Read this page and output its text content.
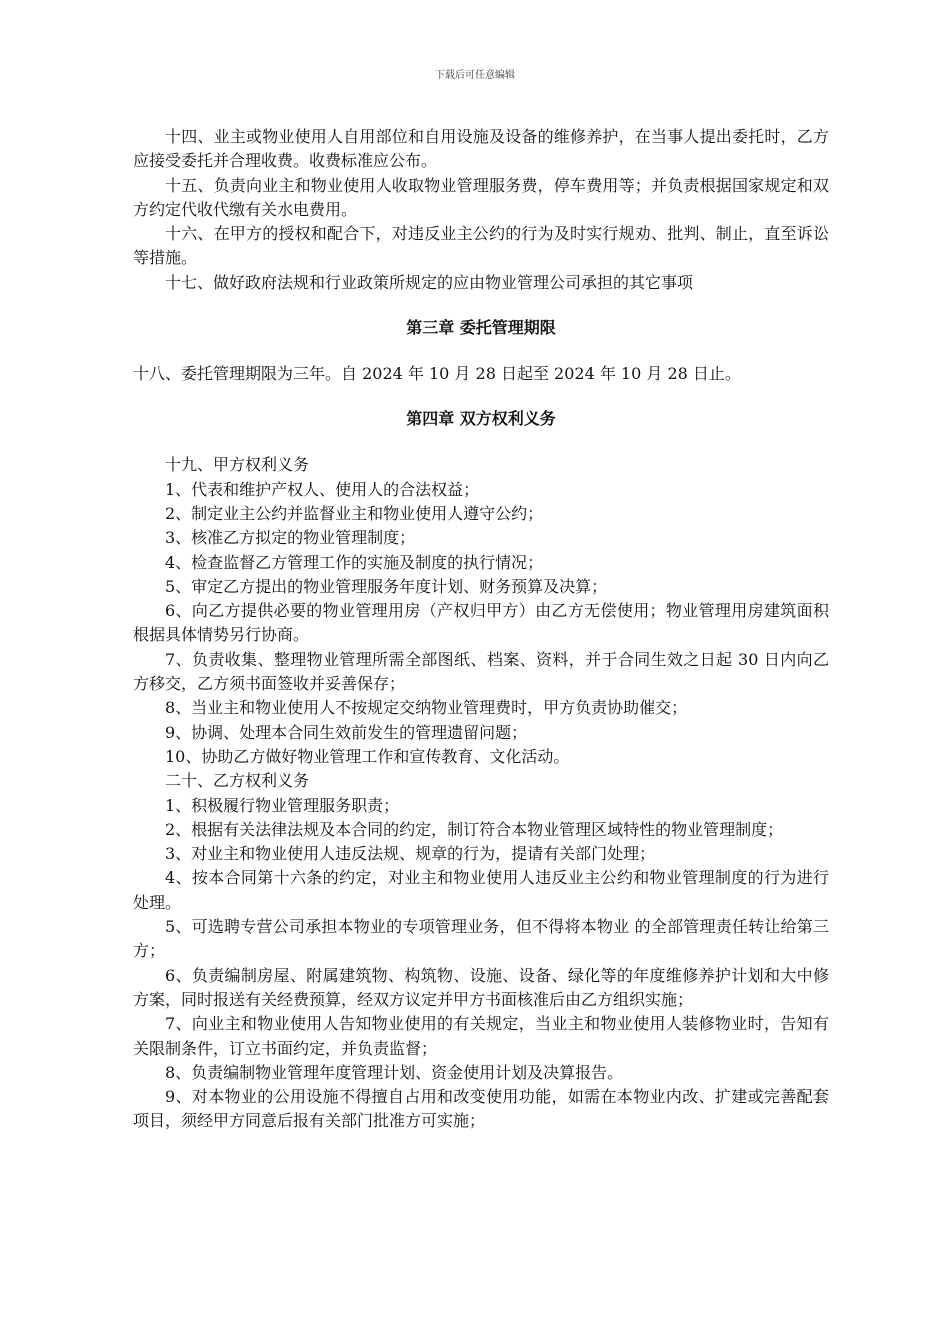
下载后可任意编辑

十四、业主或物业使用人自用部位和自用设施及设备的维修养护，在当事人提出委托时，乙方应接受委托并合理收费。收费标准应公布。

十五、负责向业主和物业使用人收取物业管理服务费，停车费用等；并负责根据国家规定和双方约定代收代缴有关水电费用。

十六、在甲方的授权和配合下，对违反业主公约的行为及时实行规劝、批判、制止，直至诉讼等措施。

十七、做好政府法规和行业政策所规定的应由物业管理公司承担的其它事项

第三章 委托管理期限

十八、委托管理期限为三年。自 2024 年 10 月 28 日起至 2024 年 10 月 28 日止。

第四章 双方权利义务

十九、甲方权利义务

1、代表和维护产权人、使用人的合法权益；

2、制定业主公约并监督业主和物业使用人遵守公约；

3、核准乙方拟定的物业管理制度；

4、检查监督乙方管理工作的实施及制度的执行情况；

5、审定乙方提出的物业管理服务年度计划、财务预算及决算；

6、向乙方提供必要的物业管理用房（产权归甲方）由乙方无偿使用；物业管理用房建筑面积根据具体情势另行协商。

7、负责收集、整理物业管理所需全部图纸、档案、资料，并于合同生效之日起 30 日内向乙方移交，乙方须书面签收并妥善保存；

8、当业主和物业使用人不按规定交纳物业管理费时，甲方负责协助催交；

9、协调、处理本合同生效前发生的管理遗留问题；

10、协助乙方做好物业管理工作和宣传教育、文化活动。

二十、乙方权利义务

1、积极履行物业管理服务职责；

2、根据有关法律法规及本合同的约定，制订符合本物业管理区域特性的物业管理制度；

3、对业主和物业使用人违反法规、规章的行为，提请有关部门处理；

4、按本合同第十六条的约定，对业主和物业使用人违反业主公约和物业管理制度的行为进行处理。

5、可选聘专营公司承担本物业的专项管理业务，但不得将本物业 的全部管理责任转让给第三方；

6、负责编制房屋、附属建筑物、构筑物、设施、设备、绿化等的年度维修养护计划和大中修方案，同时报送有关经费预算，经双方议定并甲方书面核准后由乙方组织实施；

7、向业主和物业使用人告知物业使用的有关规定，当业主和物业使用人装修物业时，告知有关限制条件，订立书面约定，并负责监督；

8、负责编制物业管理年度管理计划、资金使用计划及决算报告。

9、对本物业的公用设施不得擅自占用和改变使用功能，如需在本物业内改、扩建或完善配套项目，须经甲方同意后报有关部门批准方可实施；
